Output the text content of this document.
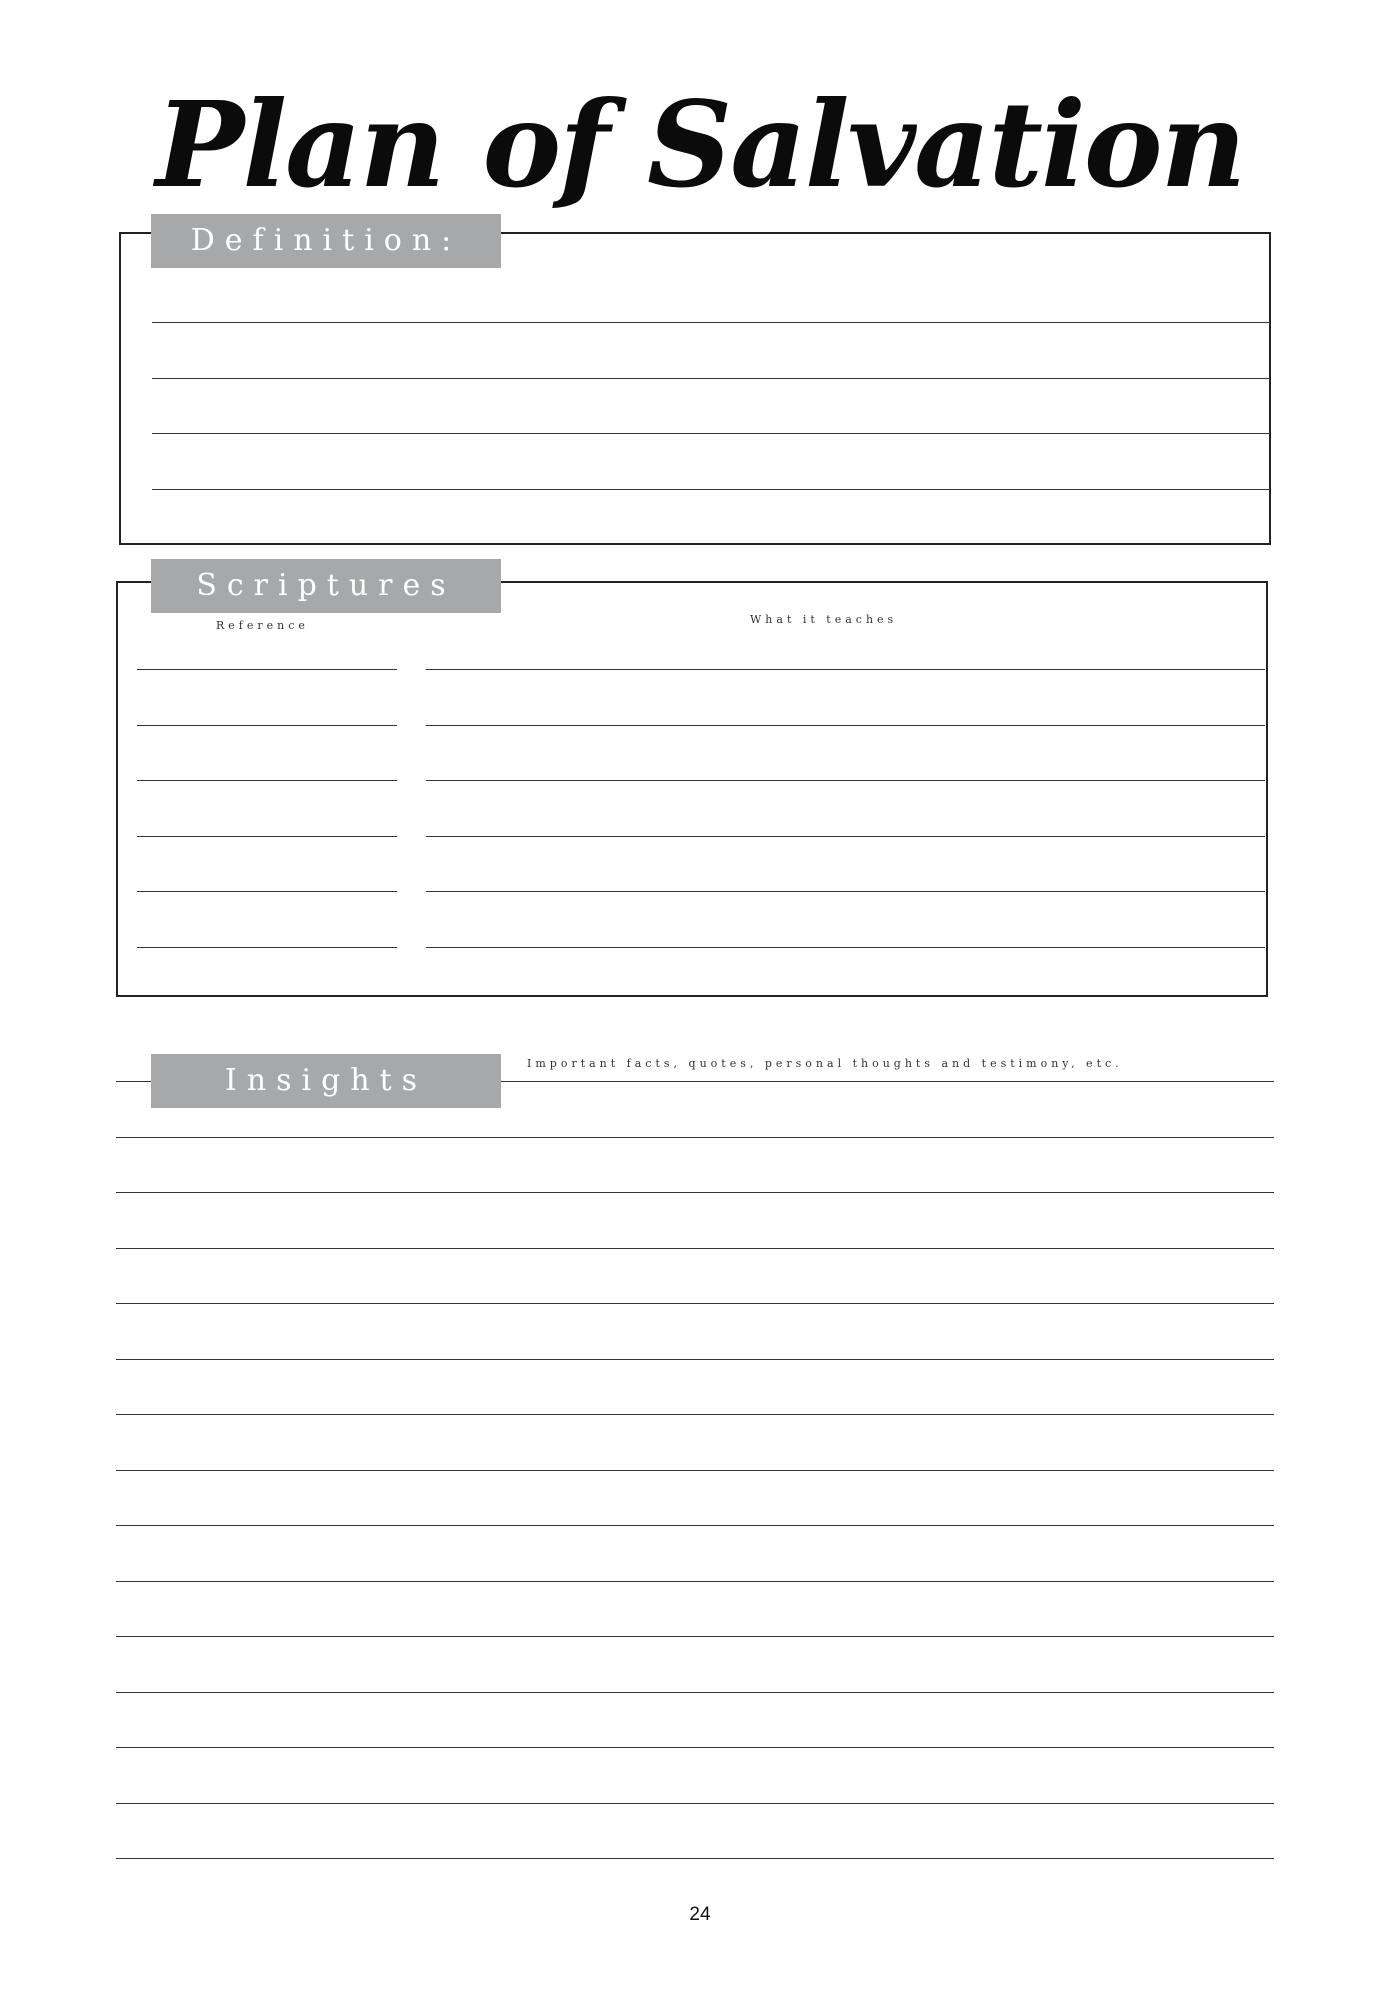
Plan of Salvation
Definition:
Scriptures
Reference	What it teaches
Insights	Important facts, quotes, personal thoughts and testimony, etc.
24
